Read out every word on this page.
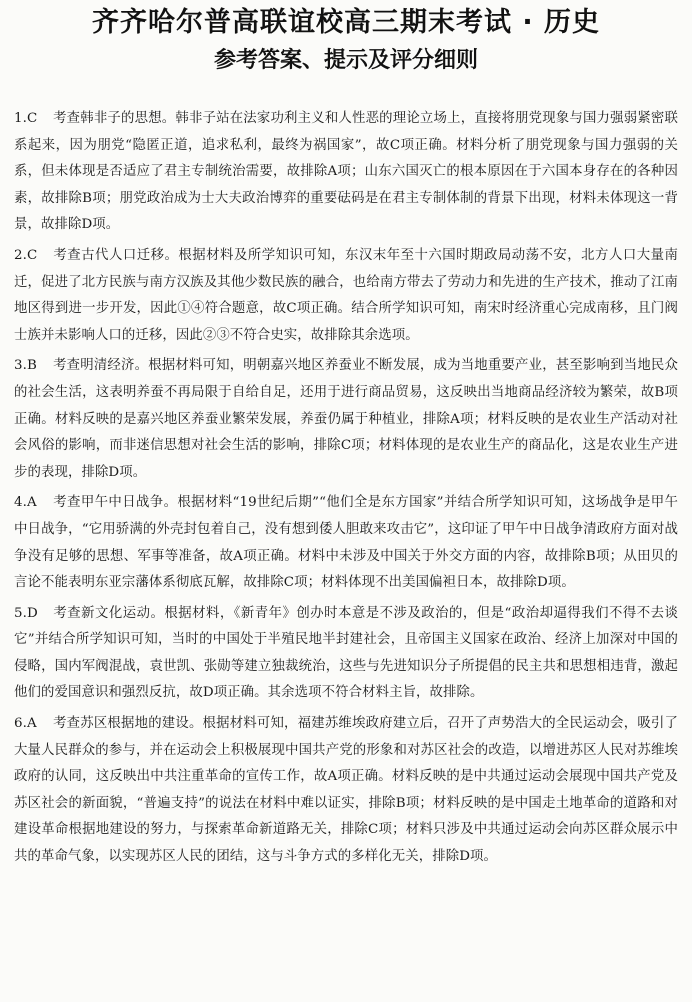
齐齐哈尔普高联谊校高三期末考试 · 历史
参考答案、提示及评分细则

1.C 考查韩非子的思想。韩非子站在法家功利主义和人性恶的理论立场上，直接将朋党现象与国力强弱紧密联系起来，因为朋党“隐匿正道，追求私利，最终为祸国家”，故C项正确。材料分析了朋党现象与国力强弱的关系，但未体现是否适应了君主专制统治需要，故排除A项；山东六国灭亡的根本原因在于六国本身存在的各种因素，故排除B项；朋党政治成为士大夫政治博弈的重要砝码是在君主专制体制的背景下出现，材料未体现这一背景，故排除D项。

2.C 考查古代人口迁移。根据材料及所学知识可知，东汉末年至十六国时期政局动荡不安，北方人口大量南迁，促进了北方民族与南方汉族及其他少数民族的融合，也给南方带去了劳动力和先进的生产技术，推动了江南地区得到进一步开发，因此①④符合题意，故C项正确。结合所学知识可知，南宋时经济重心完成南移，且门阀士族并未影响人口的迁移，因此②③不符合史实，故排除其余选项。

3.B 考查明清经济。根据材料可知，明朝嘉兴地区养蚕业不断发展，成为当地重要产业，甚至影响到当地民众的社会生活，这表明养蚕不再局限于自给自足，还用于进行商品贸易，这反映出当地商品经济较为繁荣，故B项正确。材料反映的是嘉兴地区养蚕业繁荣发展，养蚕仍属于种植业，排除A项；材料反映的是农业生产活动对社会风俗的影响，而非迷信思想对社会生活的影响，排除C项；材料体现的是农业生产的商品化，这是农业生产进步的表现，排除D项。

4.A 考查甲午中日战争。根据材料“19世纪后期”“他们全是东方国家”并结合所学知识可知，这场战争是甲午中日战争，“它用骄满的外壳封包着自己，没有想到倭人胆敢来攻击它”，这印证了甲午中日战争清政府方面对战争没有足够的思想、军事等准备，故A项正确。材料中未涉及中国关于外交方面的内容，故排除B项；从田贝的言论不能表明东亚宗藩体系彻底瓦解，故排除C项；材料体现不出美国偏袒日本，故排除D项。

5.D 考查新文化运动。根据材料，《新青年》创办时本意是不涉及政治的，但是“政治却逼得我们不得不去谈它”并结合所学知识可知，当时的中国处于半殖民地半封建社会，且帝国主义国家在政治、经济上加深对中国的侵略，国内军阀混战，袁世凯、张勋等建立独裁统治，这些与先进知识分子所提倡的民主共和思想相违背，激起他们的爱国意识和强烈反抗，故D项正确。其余选项不符合材料主旨，故排除。

6.A 考查苏区根据地的建设。根据材料可知，福建苏维埃政府建立后，召开了声势浩大的全民运动会，吸引了大量人民群众的参与，并在运动会上积极展现中国共产党的形象和对苏区社会的改造，以增进苏区人民对苏维埃政府的认同，这反映出中共注重革命的宣传工作，故A项正确。材料反映的是中共通过运动会展现中国共产党及苏区社会的新面貌，“普遍支持”的说法在材料中难以证实，排除B项；材料反映的是中国走土地革命的道路和对建设革命根据地建设的努力，与探索革命新道路无关，排除C项；材料只涉及中共通过运动会向苏区群众展示中共的革命气象，以实现苏区人民的团结，这与斗争方式的多样化无关，排除D项。
